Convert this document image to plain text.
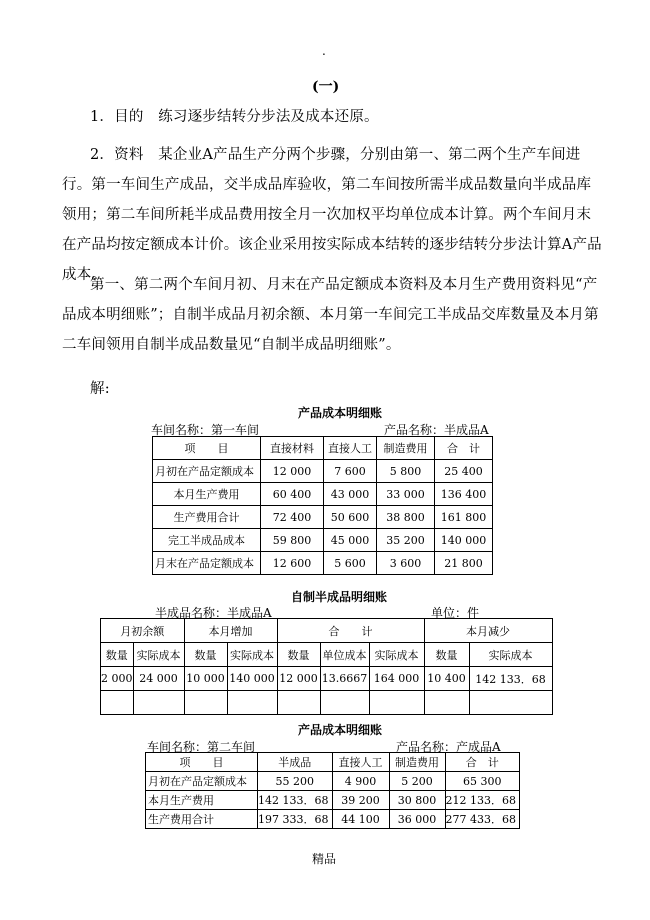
.
(一)

1．目的　练习逐步结转分步法及成本还原。

2．资料　某企业A产品生产分两个步骤，分别由第一、第二两个生产车间进行。第一车间生产成品，交半成品库验收，第二车间按所需半成品数量向半成品库领用；第二车间所耗半成品费用按全月一次加权平均单位成本计算。两个车间月末在产品均按定额成本计价。该企业采用按实际成本结转的逐步结转分步法计算A产品成本。

第一、第二两个车间月初、月末在产品定额成本资料及本月生产费用资料见“产品成本明细账”；自制半成品月初余额、本月第一车间完工半成品交库数量及本月第二车间领用自制半成品数量见“自制半成品明细账”。

解:

产品成本明细账
车间名称：第一车间	产品名称：半成品A
项　　目	直接材料	直接人工	制造费用	合　计
月初在产品定额成本	12 000	7 600	5 800	25 400
本月生产费用	60 400	43 000	33 000	136 400
生产费用合计	72 400	50 600	38 800	161 800
完工半成品成本	59 800	45 000	35 200	140 000
月末在产品定额成本	12 600	5 600	3 600	21 800
自制半成品明细账
半成品名称：半成品A	单位：件
月初余额		本月增加		合　　计			本月减少	
数量	实际成本	数量	实际成本	数量	单位成本	实际成本	数量	实际成本
2 000	24 000	10 000	140 000	12 000	13.6667	164 000	10 400	142 133．68

产品成本明细账
车间名称：第二车间	产品名称：产成品A
项　　目	半成品	直接人工	制造费用	合　计
月初在产品定额成本	55 200	4 900	5 200	65 300
本月生产费用	142 133．68	39 200	30 800	212 133．68
生产费用合计	197 333．68	44 100	36 000	277 433．68
精品
